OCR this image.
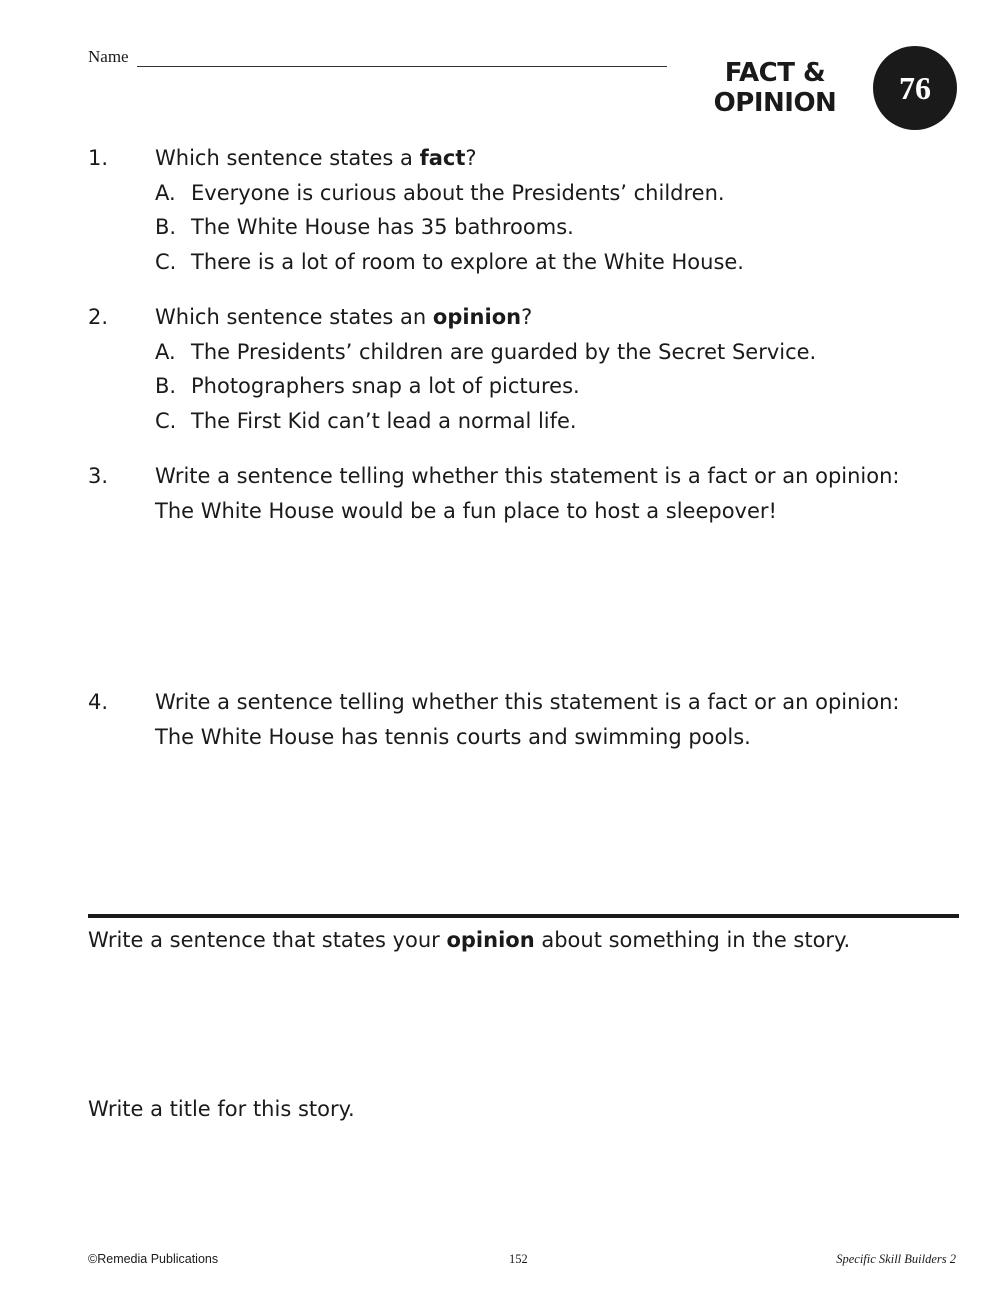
Name
FACT &
OPINION	76
1. Which sentence states a fact?
A. Everyone is curious about the Presidents’ children.
B. The White House has 35 bathrooms.
C. There is a lot of room to explore at the White House.
2. Which sentence states an opinion?
A. The Presidents’ children are guarded by the Secret Service.
B. Photographers snap a lot of pictures.
C. The First Kid can’t lead a normal life.
3. Write a sentence telling whether this statement is a fact or an opinion:
The White House would be a fun place to host a sleepover!
4. Write a sentence telling whether this statement is a fact or an opinion:
The White House has tennis courts and swimming pools.
Write a sentence that states your opinion about something in the story.
Write a title for this story.
©Remedia Publications	152	Specific Skill Builders 2
